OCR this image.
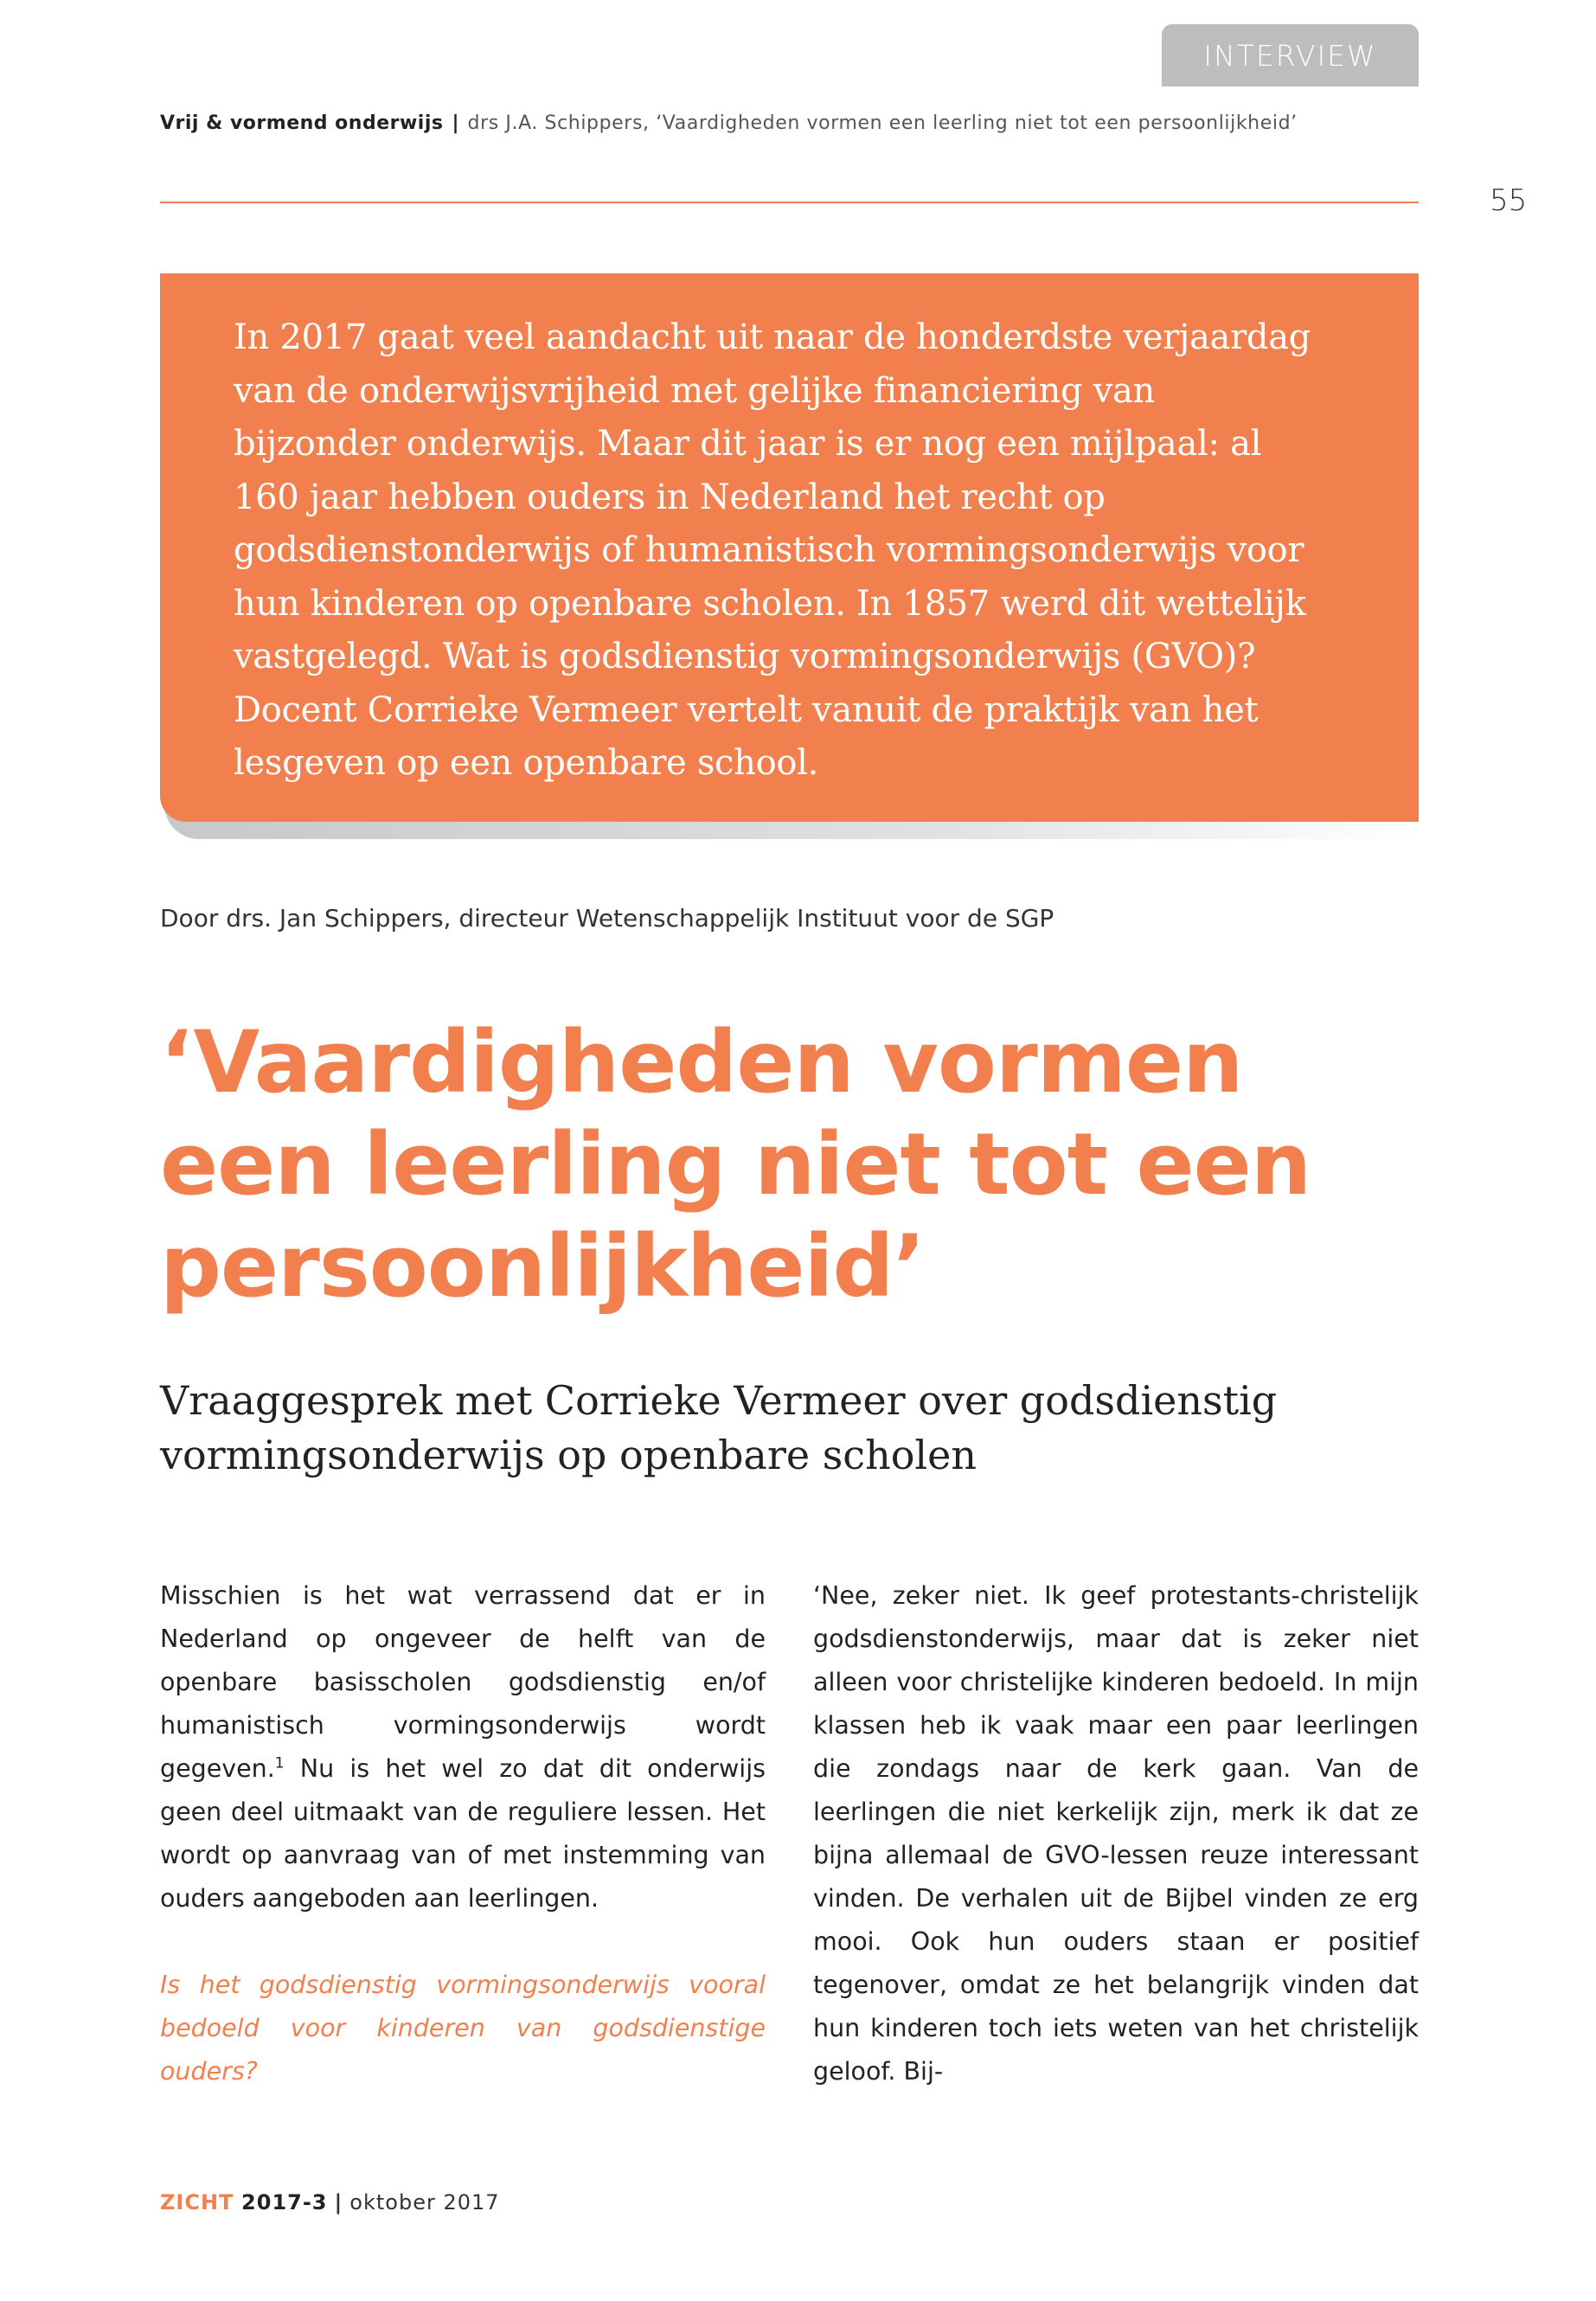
INTERVIEW
Vrij & vormend onderwijs | drs J.A. Schippers, ‘Vaardigheden vormen een leerling niet tot een persoonlijkheid’
55

In 2017 gaat veel aandacht uit naar de honderdste verjaardag van de onderwijsvrijheid met gelijke financiering van bijzonder onderwijs. Maar dit jaar is er nog een mijlpaal: al 160 jaar hebben ouders in Nederland het recht op godsdienstonderwijs of humanistisch vormingsonderwijs voor hun kinderen op openbare scholen. In 1857 werd dit wettelijk vastgelegd. Wat is godsdienstig vormingsonderwijs (GVO)? Docent Corrieke Vermeer vertelt vanuit de praktijk van het lesgeven op een openbare school.

Door drs. Jan Schippers, directeur Wetenschappelijk Instituut voor de SGP
‘Vaardigheden vormen een leerling niet tot een persoonlijkheid’
Vraaggesprek met Corrieke Vermeer over godsdienstig vormingsonderwijs op openbare scholen

Misschien is het wat verrassend dat er in Nederland op ongeveer de helft van de openbare basisscholen godsdienstig en/of humanistisch vormingsonderwijs wordt gegeven.$^1$ Nu is het wel zo dat dit onderwijs geen deel uitmaakt van de reguliere lessen. Het wordt op aanvraag van of met instemming van ouders aangeboden aan leerlingen.

Is het godsdienstig vormingsonderwijs vooral bedoeld voor kinderen van godsdienstige ouders?

‘Nee, zeker niet. Ik geef protestants-christelijk godsdienstonderwijs, maar dat is zeker niet alleen voor christelijke kinderen bedoeld. In mijn klassen heb ik vaak maar een paar leerlingen die zondags naar de kerk gaan. Van de leerlingen die niet kerkelijk zijn, merk ik dat ze bijna allemaal de GVO-lessen reuze interessant vinden. De verhalen uit de Bijbel vinden ze erg mooi. Ook hun ouders staan er positief tegenover, omdat ze het belangrijk vinden dat hun kinderen toch iets weten van het christelijk geloof. Bij-

ZICHT 2017-3 | oktober 2017
